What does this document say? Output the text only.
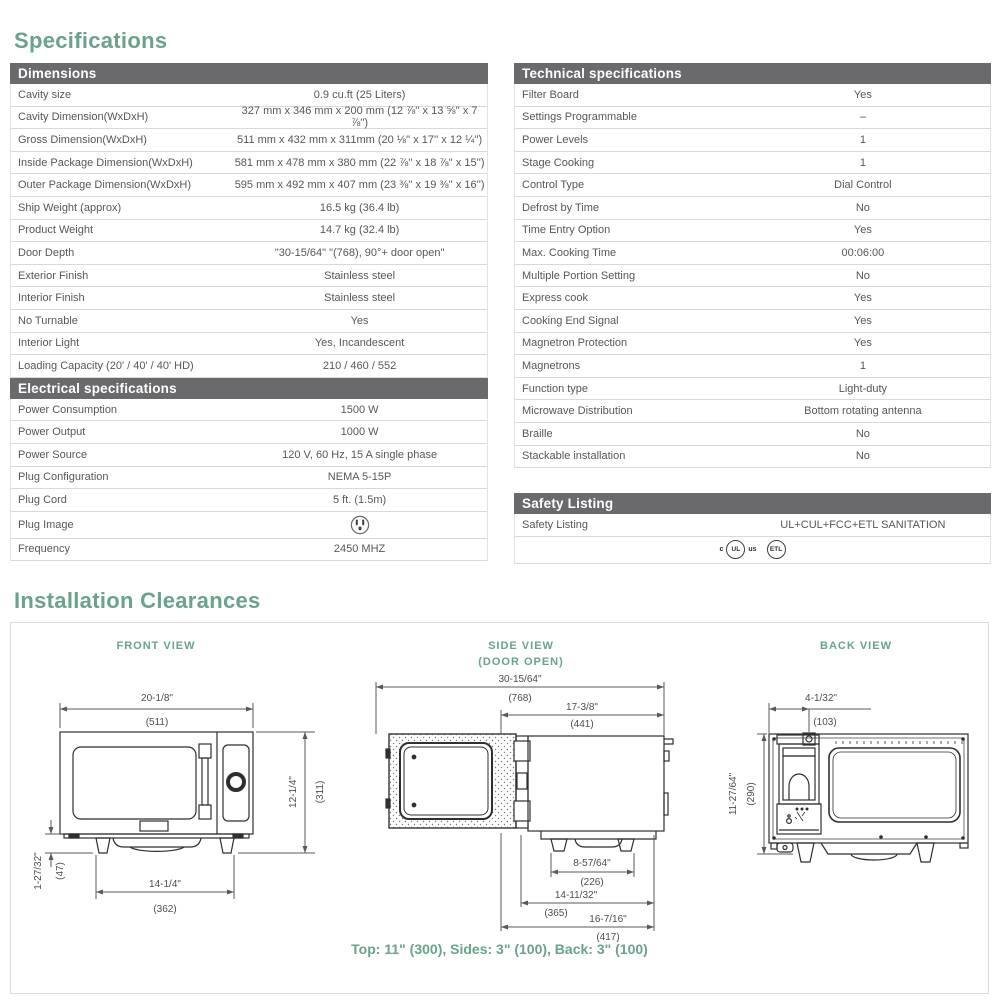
Specifications
Dimensions
Cavity size	0.9 cu.ft (25 Liters)
Cavity Dimension(WxDxH)	327 mm x 346 mm x 200 mm (12 ⅞'' x 13 ⅝'' x 7 ⅞'')
Gross Dimension(WxDxH)	511 mm x 432 mm x 311mm (20 ⅛'' x 17'' x 12 ¼'')
Inside Package Dimension(WxDxH)	581 mm x 478 mm x 380 mm (22 ⅞'' x 18 ⅞'' x 15'')
Outer Package Dimension(WxDxH)	595 mm x 492 mm x 407 mm (23 ⅜'' x 19 ⅜'' x 16'')
Ship Weight (approx)	16.5 kg (36.4 lb)
Product Weight	14.7 kg (32.4 lb)
Door Depth	"30-15/64" "(768), 90°+ door open"
Exterior Finish	Stainless steel
Interior Finish	Stainless steel
No Turnable	Yes
Interior Light	Yes, Incandescent
Loading Capacity (20' / 40' / 40' HD)	210 / 460 / 552
Electrical specifications
Power Consumption	1500 W
Power Output	1000 W
Power Source	120 V, 60 Hz, 15 A single phase
Plug Configuration	NEMA 5-15P
Plug Cord	5 ft. (1.5m)
Plug Image
Frequency	2450 MHZ
Technical specifications
Filter Board	Yes
Settings Programmable	–
Power Levels	1
Stage Cooking	1
Control Type	Dial Control
Defrost by Time	No
Time Entry Option	Yes
Max. Cooking Time	00:06:00
Multiple Portion Setting	No
Express cook	Yes
Cooking End Signal	Yes
Magnetron Protection	Yes
Magnetrons	1
Function type	Light-duty
Microwave Distribution	Bottom rotating antenna
Braille	No
Stackable installation	No
Safety Listing
Safety Listing	UL+CUL+FCC+ETL SANITATION
c	UL	us	ETL
Installation Clearances
FRONT VIEW	SIDE VIEW
(DOOR OPEN)
BACK VIEW
20-1/8"
(511)
12-1/4" (311)
1-27/32" (47)
14-1/4"
(362)
30-15/64"
(768)
17-3/8"
(441)
8-57/64"
(226)
14-11/32"
(365)
16-7/16"
(417)
4-1/32"
(103)
11-27/64" (290)
Top: 11" (300), Sides: 3" (100), Back: 3" (100)
